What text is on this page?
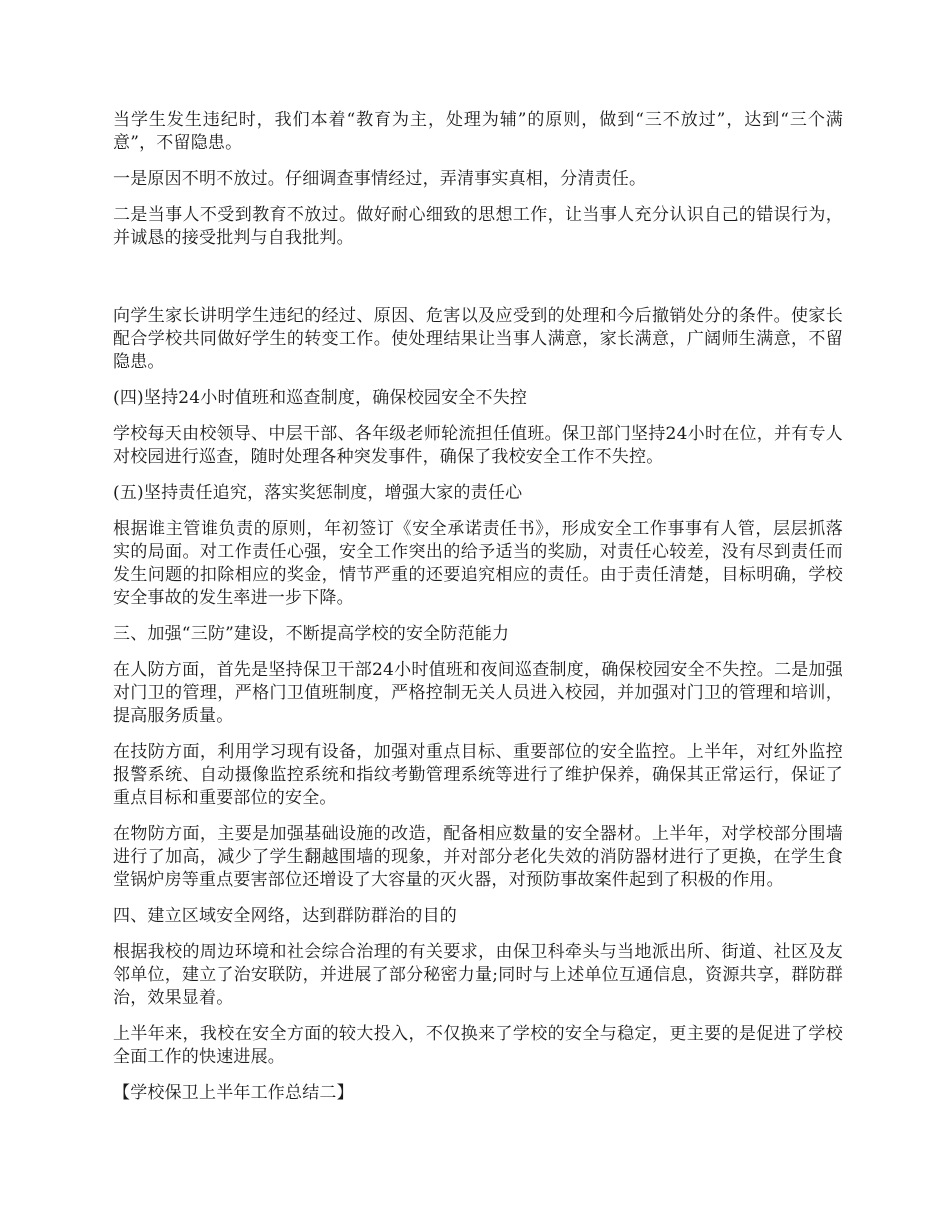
当学生发生违纪时，我们本着“教育为主，处理为辅”的原则，做到“三不放过”，达到“三个满意”，不留隐患。

一是原因不明不放过。仔细调查事情经过，弄清事实真相，分清责任。

二是当事人不受到教育不放过。做好耐心细致的思想工作，让当事人充分认识自己的错误行为，并诚恳的接受批判与自我批判。

向学生家长讲明学生违纪的经过、原因、危害以及应受到的处理和今后撤销处分的条件。使家长配合学校共同做好学生的转变工作。使处理结果让当事人满意，家长满意，广阔师生满意，不留隐患。

(四)坚持24小时值班和巡查制度，确保校园安全不失控

学校每天由校领导、中层干部、各年级老师轮流担任值班。保卫部门坚持24小时在位，并有专人对校园进行巡查，随时处理各种突发事件，确保了我校安全工作不失控。

(五)坚持责任追究，落实奖惩制度，增强大家的责任心

根据谁主管谁负责的原则，年初签订《安全承诺责任书》，形成安全工作事事有人管，层层抓落实的局面。对工作责任心强，安全工作突出的给予适当的奖励，对责任心较差，没有尽到责任而发生问题的扣除相应的奖金，情节严重的还要追究相应的责任。由于责任清楚，目标明确，学校安全事故的发生率进一步下降。

三、加强“三防”建设，不断提高学校的安全防范能力

在人防方面，首先是坚持保卫干部24小时值班和夜间巡查制度，确保校园安全不失控。二是加强对门卫的管理，严格门卫值班制度，严格控制无关人员进入校园，并加强对门卫的管理和培训，提高服务质量。

在技防方面，利用学习现有设备，加强对重点目标、重要部位的安全监控。上半年，对红外监控报警系统、自动摄像监控系统和指纹考勤管理系统等进行了维护保养，确保其正常运行，保证了重点目标和重要部位的安全。

在物防方面，主要是加强基础设施的改造，配备相应数量的安全器材。上半年，对学校部分围墙进行了加高，减少了学生翻越围墙的现象，并对部分老化失效的消防器材进行了更换，在学生食堂锅炉房等重点要害部位还增设了大容量的灭火器，对预防事故案件起到了积极的作用。

四、建立区域安全网络，达到群防群治的目的

根据我校的周边环境和社会综合治理的有关要求，由保卫科牵头与当地派出所、街道、社区及友邻单位，建立了治安联防，并进展了部分秘密力量;同时与上述单位互通信息，资源共享，群防群治，效果显着。

上半年来，我校在安全方面的较大投入，不仅换来了学校的安全与稳定，更主要的是促进了学校全面工作的快速进展。

【学校保卫上半年工作总结二】
